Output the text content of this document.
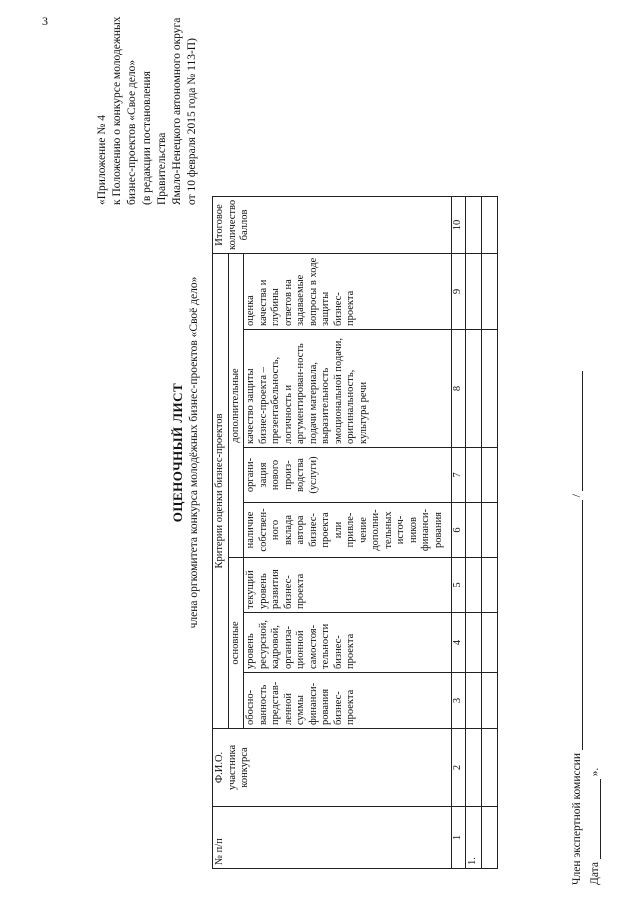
3
«Приложение № 4 к Положению о конкурсе молодежных бизнес-проектов «Свое дело» (в редакции постановления Правительства Ямало-Ненецкого автономного округа от 10 февраля 2015 года № 113-П)
ОЦЕНОЧНЫЙ ЛИСТ члена оргкомитета конкурса молодёжных бизнес-проектов «Своё дело»
№ п/п	Ф.И.О. участника конкурса	Критерии оценки бизнес-проектов							Итоговое количество баллов
		основные			дополнительные				
		обосно-ванность представ-ленной суммы финанси-рования бизнес-проекта	уровень ресурсной, кадровой, организа-ционной самостоя-тельности бизнес-проекта	текущий уровень развития бизнес-проекта	наличие собствен-ного вклада автора бизнес-проекта или привле-чение дополни-тельных источ-ников финанси-рования	органи-зация нового произ-водства (услуги)	качество защиты бизнес-проекта – презентабельность, логичность и аргументирован-ность подачи материала, выразительность эмоциональной подачи, оригинальность, культура речи	оценка качества и глубины ответов на задаваемые вопросы в ходе защиты бизнес-проекта	
1	2	3	4	5	6	7	8	9	10
1.									
										Член экспертной комиссии  /
Дата  ».
